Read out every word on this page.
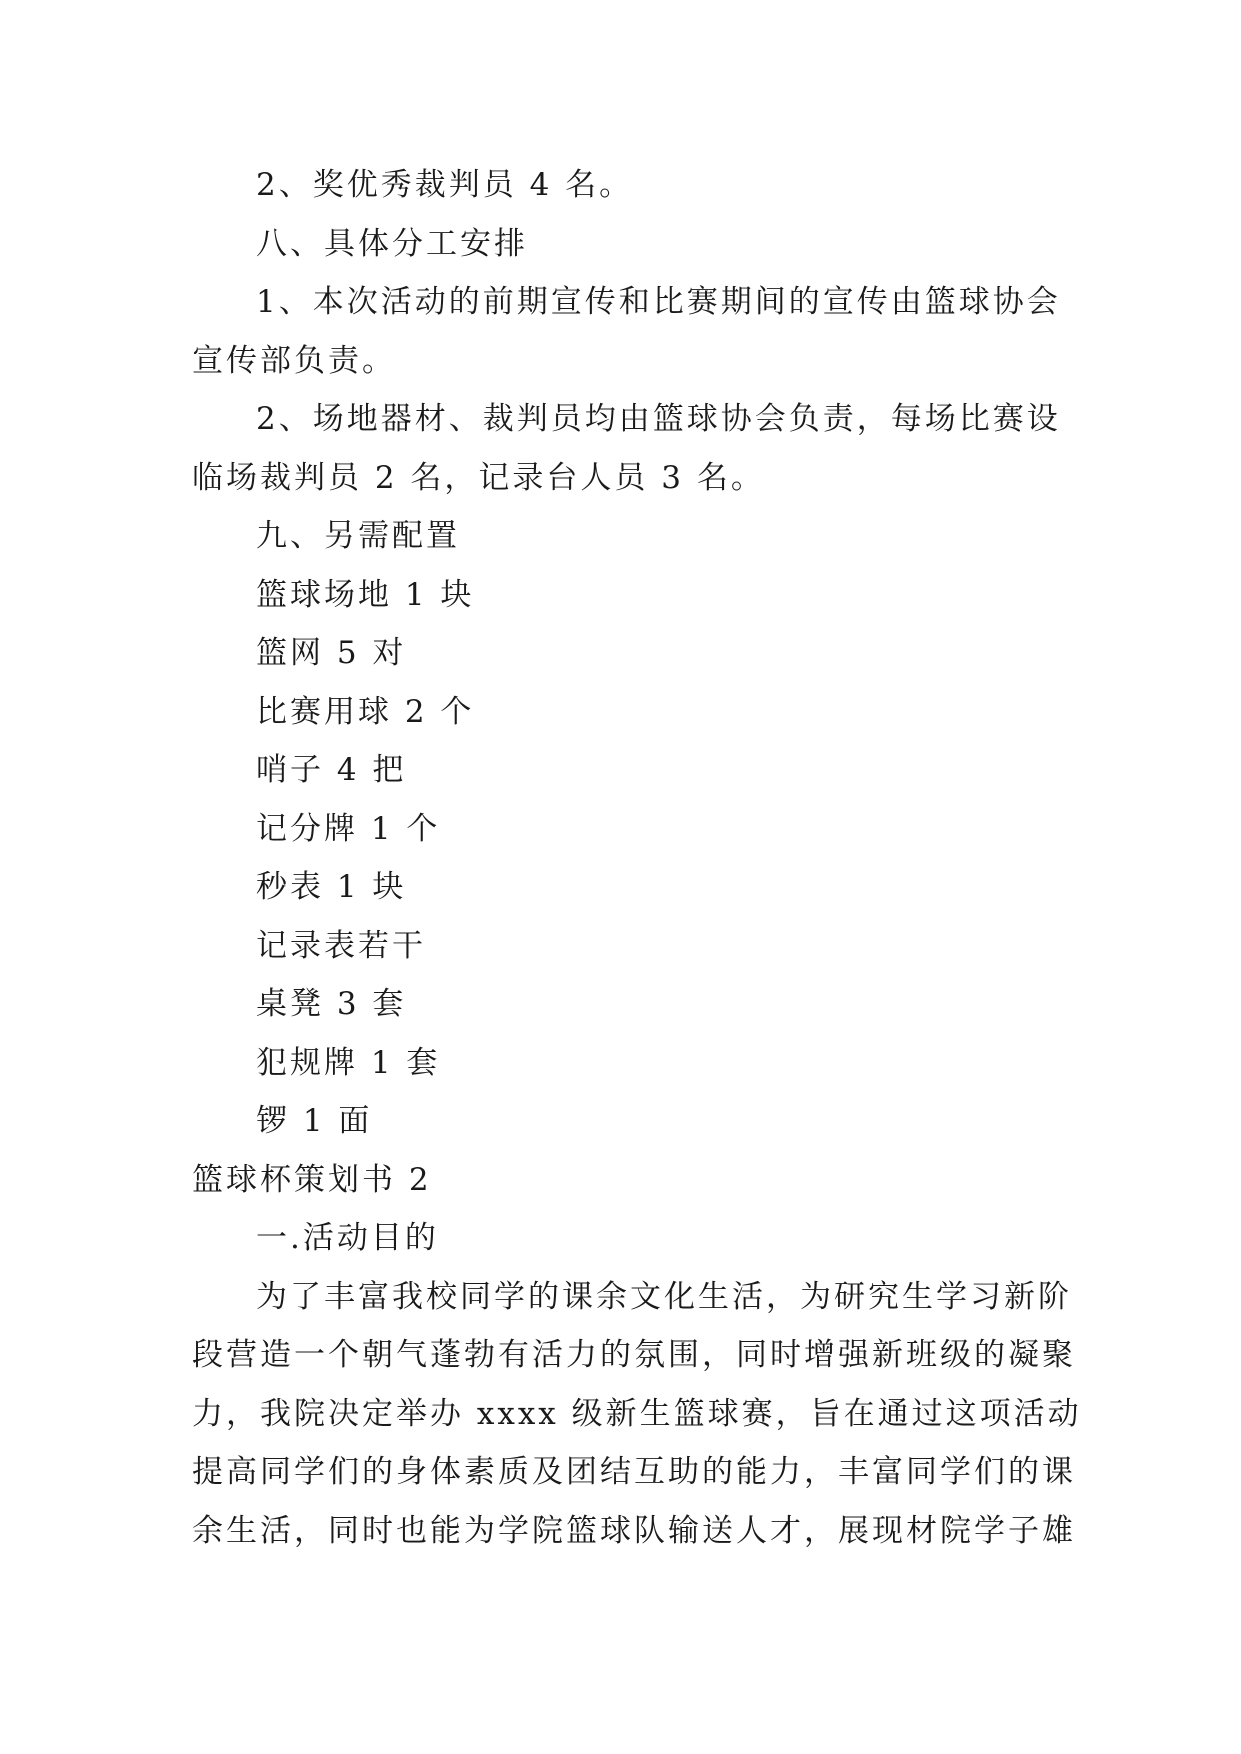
2、奖优秀裁判员 4 名。
八、具体分工安排
1、本次活动的前期宣传和比赛期间的宣传由篮球协会
宣传部负责。
2、场地器材、裁判员均由篮球协会负责，每场比赛设
临场裁判员 2 名，记录台人员 3 名。
九、另需配置
篮球场地 1 块
篮网 5 对
比赛用球 2 个
哨子 4 把
记分牌 1 个
秒表 1 块
记录表若干
桌凳 3 套
犯规牌 1 套
锣 1 面
篮球杯策划书 2
一.活动目的
为了丰富我校同学的课余文化生活，为研究生学习新阶
段营造一个朝气蓬勃有活力的氛围，同时增强新班级的凝聚
力，我院决定举办 xxxx 级新生篮球赛，旨在通过这项活动
提高同学们的身体素质及团结互助的能力，丰富同学们的课
余生活，同时也能为学院篮球队输送人才，展现材院学子雄
